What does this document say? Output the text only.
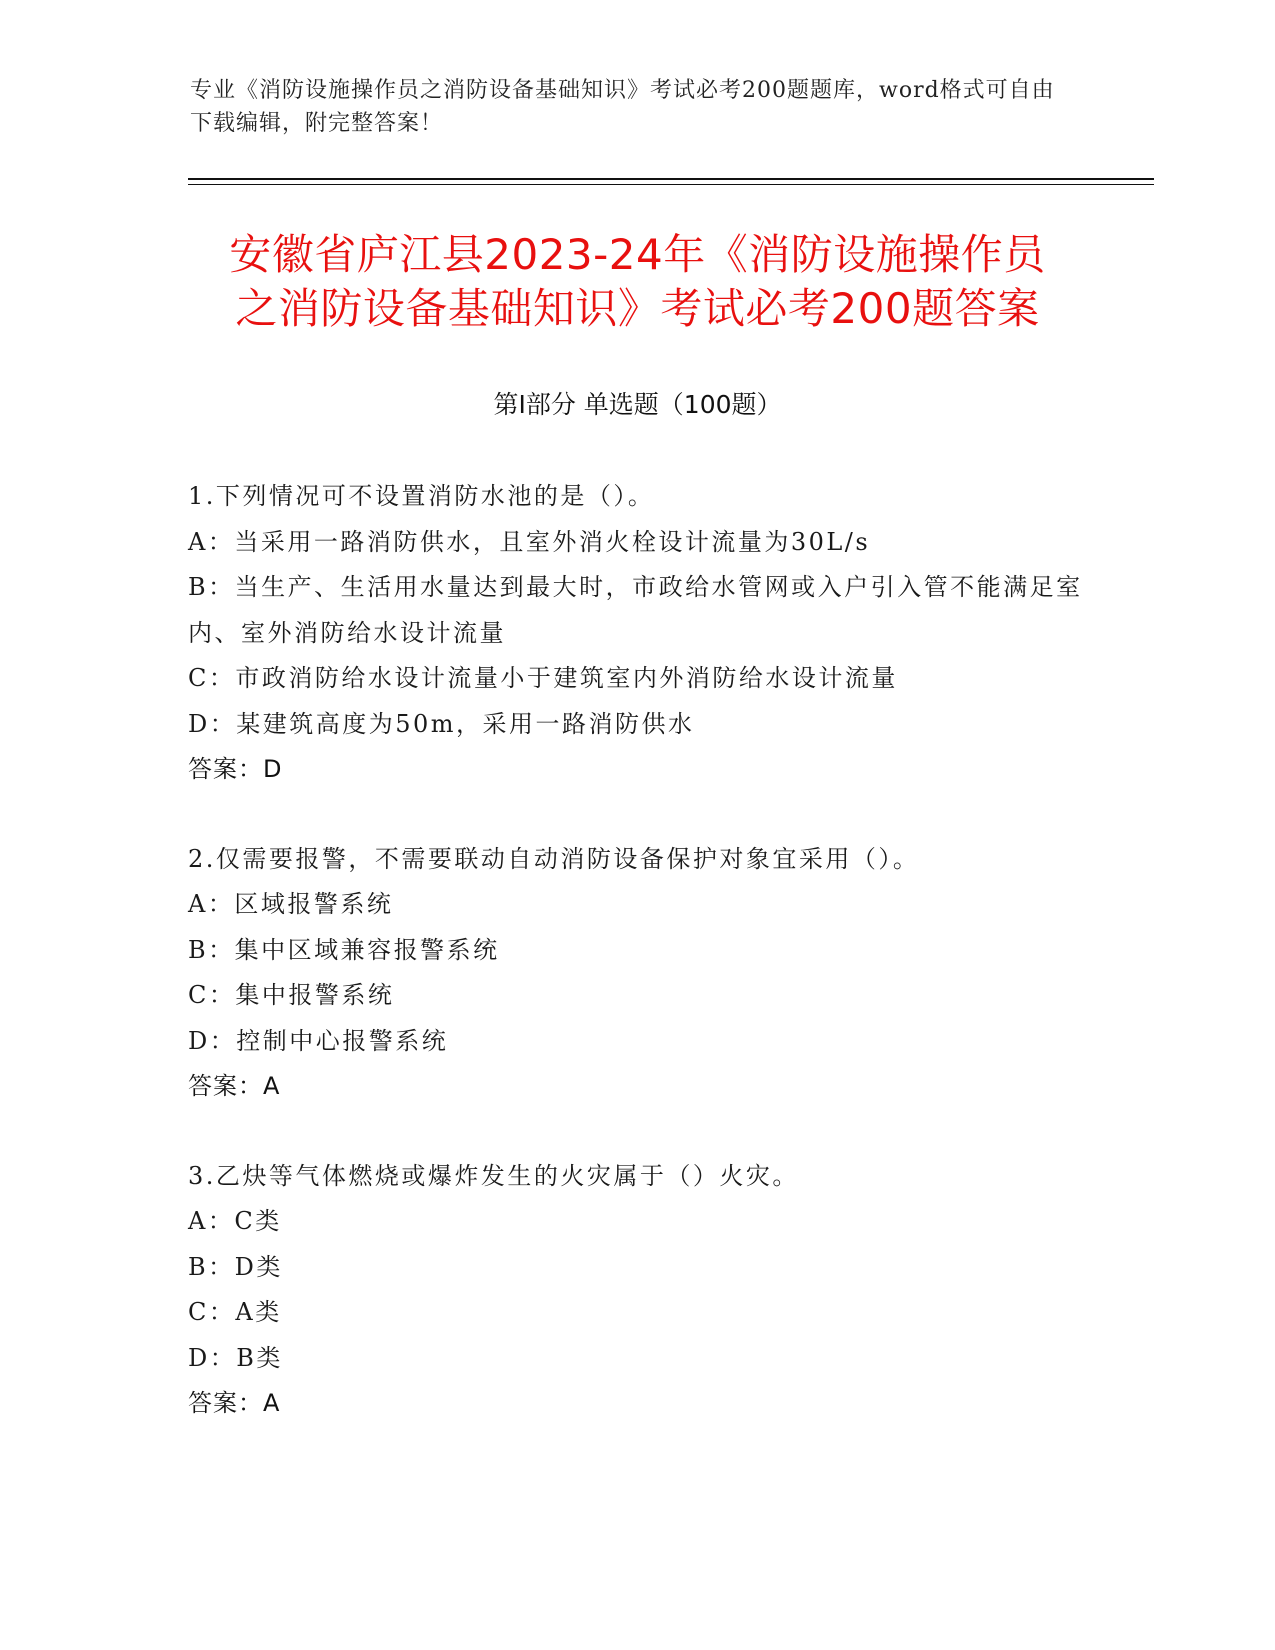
专业《消防设施操作员之消防设备基础知识》考试必考200题题库，word格式可自由下载编辑，附完整答案！
安徽省庐江县2023-24年《消防设施操作员
之消防设备基础知识》考试必考200题答案
第Ⅰ部分 单选题（100题）

1.下列情况可不设置消防水池的是（）。

A：当采用一路消防供水，且室外消火栓设计流量为30L/s

B：当生产、生活用水量达到最大时，市政给水管网或入户引入管不能满足室内、室外消防给水设计流量

C：市政消防给水设计流量小于建筑室内外消防给水设计流量

D：某建筑高度为50m，采用一路消防供水

答案：D

2.仅需要报警，不需要联动自动消防设备保护对象宜采用（）。

A：区域报警系统

B：集中区域兼容报警系统

C：集中报警系统

D：控制中心报警系统

答案：A

3.乙炔等气体燃烧或爆炸发生的火灾属于（）火灾。

A：C类

B：D类

C：A类

D：B类

答案：A
